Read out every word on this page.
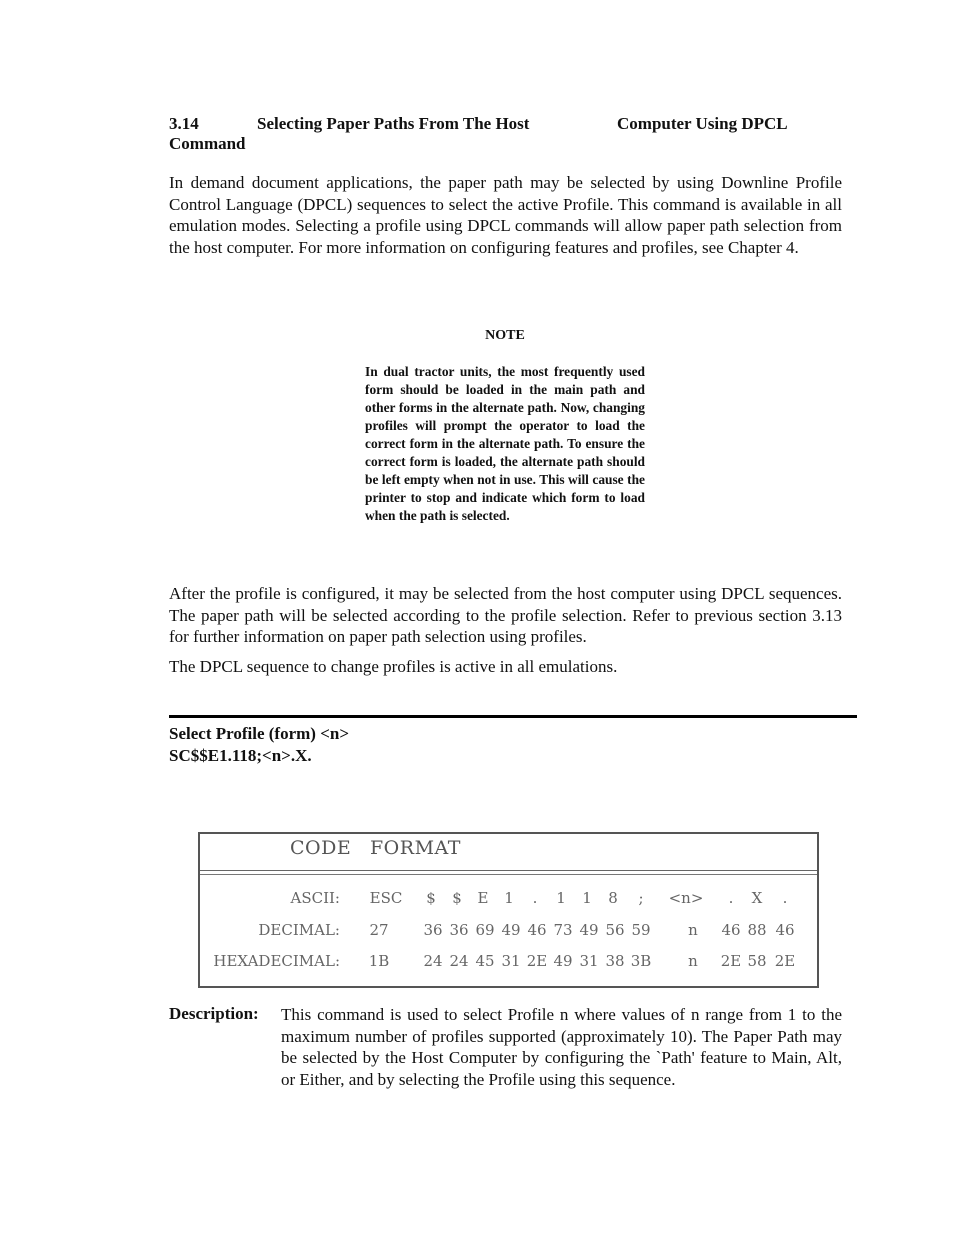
3.14	Selecting Paper Paths From The Host	Computer Using DPCL
Command
In demand document applications, the paper path may be selected by using Downline Profile Control Language (DPCL) sequences to select the active Profile. This command is available in all emulation modes. Selecting a profile using DPCL commands will allow paper path selection from the host computer. For more information on configuring features and profiles, see Chapter 4.
NOTE
In dual tractor units, the most frequently used form should be loaded in the main path and other forms in the alternate path. Now, changing profiles will prompt the operator to load the correct form in the alternate path. To ensure the correct form is loaded, the alternate path should be left empty when not in use. This will cause the printer to stop and indicate which form to load when the path is selected.
After the profile is configured, it may be selected from the host computer using DPCL sequences. The paper path will be selected according to the profile selection. Refer to previous section 3.13 for further information on paper path selection using profiles.
The DPCL sequence to change profiles is active in all emulations.
Select Profile (form) <n>
SC$$E1.118;<n>.X.
CODE FORMAT
ASCII: ESC	$	$	E	1	.	1	1	8	;	<n>	.	X	.
DECIMAL: 27 36 36 69 49 46 73 49 56 59	n	46 88 46
HEXADECIMAL: 1B 24 24 45 31 2E 49 31 38 3B	n	2E 58 2E
Description: This command is used to select Profile n where values of n range from 1 to the maximum number of profiles supported (approximately 10). The Paper Path may be selected by the Host Computer by configuring the `Path' feature to Main, Alt, or Either, and by selecting the Profile using this sequence.
